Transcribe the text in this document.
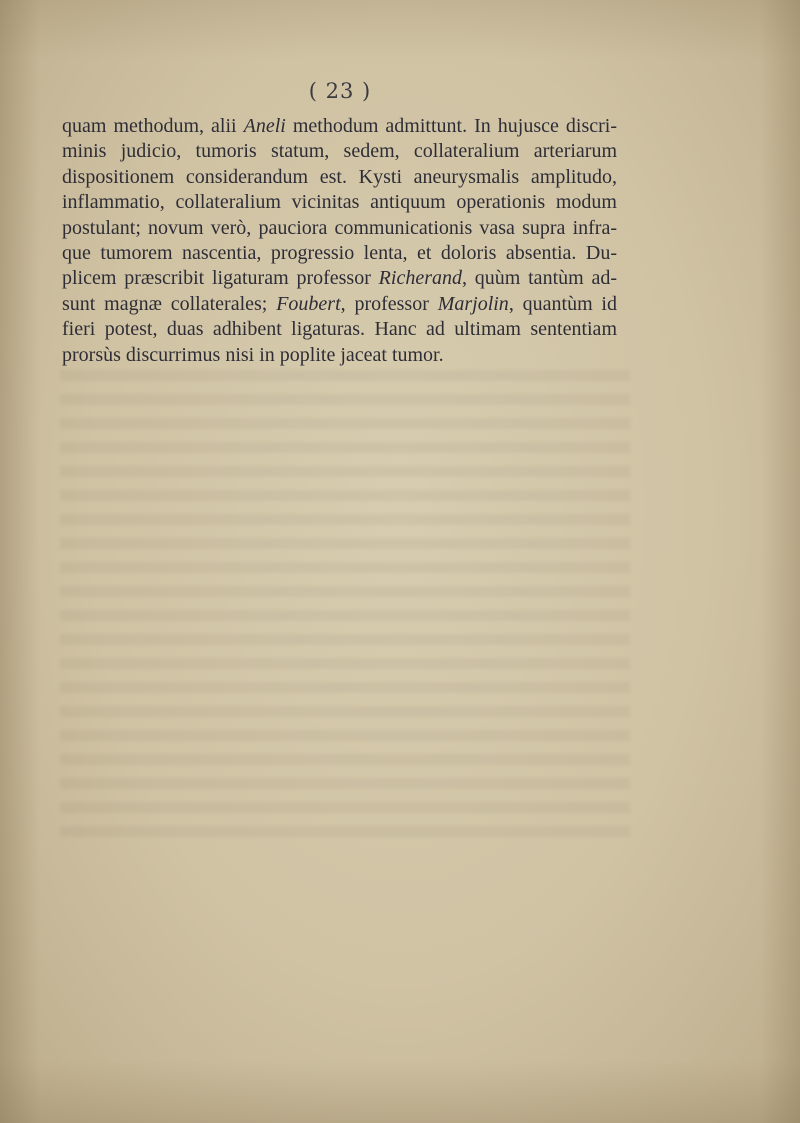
( 23 )
quam methodum, alii Aneli methodum admittunt. In hujusce discri-
minis judicio, tumoris statum, sedem, collateralium arteriarum
dispositionem considerandum est. Kysti aneurysmalis amplitudo,
inflammatio, collateralium vicinitas antiquum operationis modum
postulant; novum verò, pauciora communicationis vasa supra infra-
que tumorem nascentia, progressio lenta, et doloris absentia. Du-
plicem præscribit ligaturam professor Richerand, quùm tantùm ad-
sunt magnæ collaterales; Foubert, professor Marjolin, quantùm id
fieri potest, duas adhibent ligaturas. Hanc ad ultimam sententiam
prorsùs discurrimus nisi in poplite jaceat tumor.
